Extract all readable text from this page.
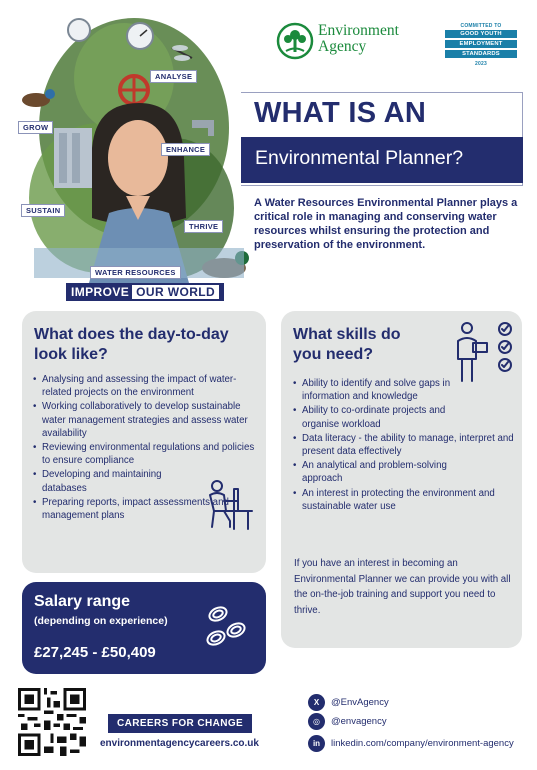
ANALYSE
GROW
ENHANCE
SUSTAIN
THRIVE
WATER RESOURCES
IMPROVE OUR WORLD
Environment
Agency
COMMITTED TO
GOOD YOUTH
EMPLOYMENT
STANDARDS
2023
WHAT IS AN
Environmental Planner?

A Water Resources Environmental Planner plays a critical role in managing and conserving water resources whilst ensuring the protection and preservation of the environment.

What does the day-to-day
look like?
• Analysing and assessing the impact of water-related projects on the environment
• Working collaboratively to develop sustainable water management strategies and assess water availability
• Reviewing environmental regulations and policies to ensure compliance
• Developing and maintaining databases
• Preparing reports, impact assessments and management plans
What skills do
you need?
• Ability to identify and solve gaps in information and knowledge
• Ability to co-ordinate projects and organise workload
• Data literacy - the ability to manage, interpret and present data effectively
• An analytical and problem-solving approach
• An interest in protecting the environment and sustainable water use

If you have an interest in becoming an Environmental Planner we can provide you with all the on-the-job training and support you need to thrive.

Salary range
(depending on experience)
£27,245 - £50,409
CAREERS FOR CHANGE
environmentagencycareers.co.uk
X	@EnvAgency
◎	@envagency
in	linkedin.com/company/environment-agency
